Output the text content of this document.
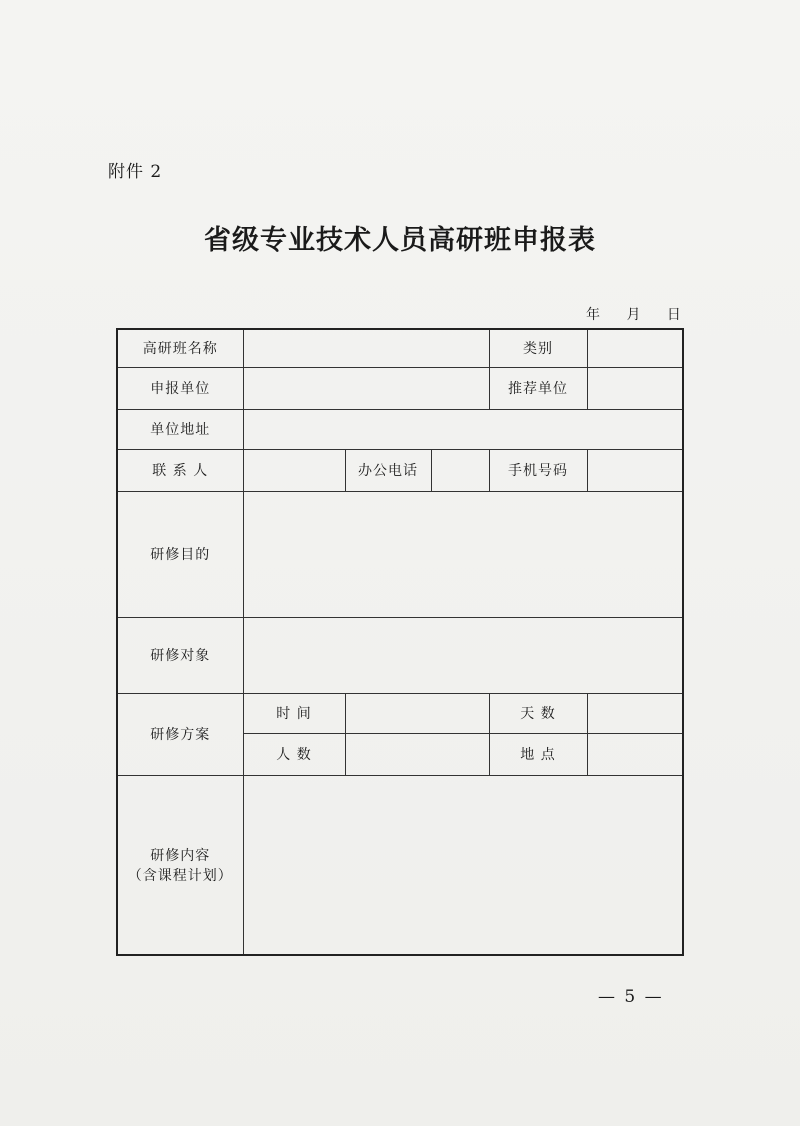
附件 2
省级专业技术人员高研班申报表
年 月 日
高研班名称				类别	
申报单位				推荐单位	
单位地址					
联 系 人		办公电话		手机号码	
研修目的					
研修对象					
研修方案	时 间			天 数	
	人 数			地 点	

研修内容
（含课程计划）					

— 5 —
